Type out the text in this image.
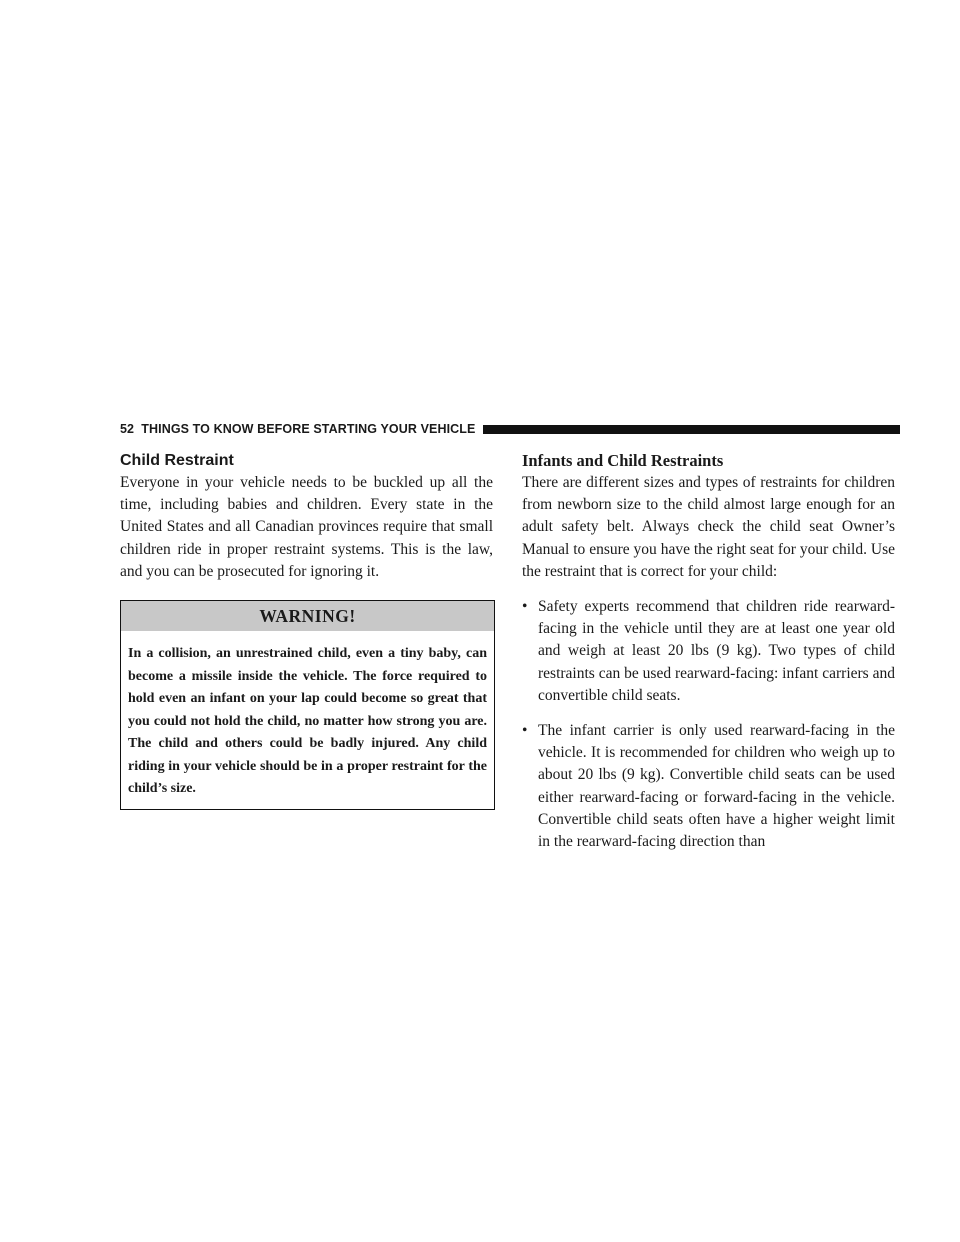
52 THINGS TO KNOW BEFORE STARTING YOUR VEHICLE
Child Restraint

Everyone in your vehicle needs to be buckled up all the time, including babies and children. Every state in the United States and all Canadian provinces require that small children ride in proper restraint systems. This is the law, and you can be prosecuted for ignoring it.

WARNING!
In a collision, an unrestrained child, even a tiny baby, can become a missile inside the vehicle. The force required to hold even an infant on your lap could become so great that you could not hold the child, no matter how strong you are. The child and others could be badly injured. Any child riding in your vehicle should be in a proper restraint for the child’s size.
Infants and Child Restraints

There are different sizes and types of restraints for children from newborn size to the child almost large enough for an adult safety belt. Always check the child seat Owner’s Manual to ensure you have the right seat for your child. Use the restraint that is correct for your child:

• Safety experts recommend that children ride rearward-facing in the vehicle until they are at least one year old and weigh at least 20 lbs (9 kg). Two types of child restraints can be used rearward-facing: infant carriers and convertible child seats.
• The infant carrier is only used rearward-facing in the vehicle. It is recommended for children who weigh up to about 20 lbs (9 kg). Convertible child seats can be used either rearward-facing or forward-facing in the vehicle. Convertible child seats often have a higher weight limit in the rearward-facing direction than
